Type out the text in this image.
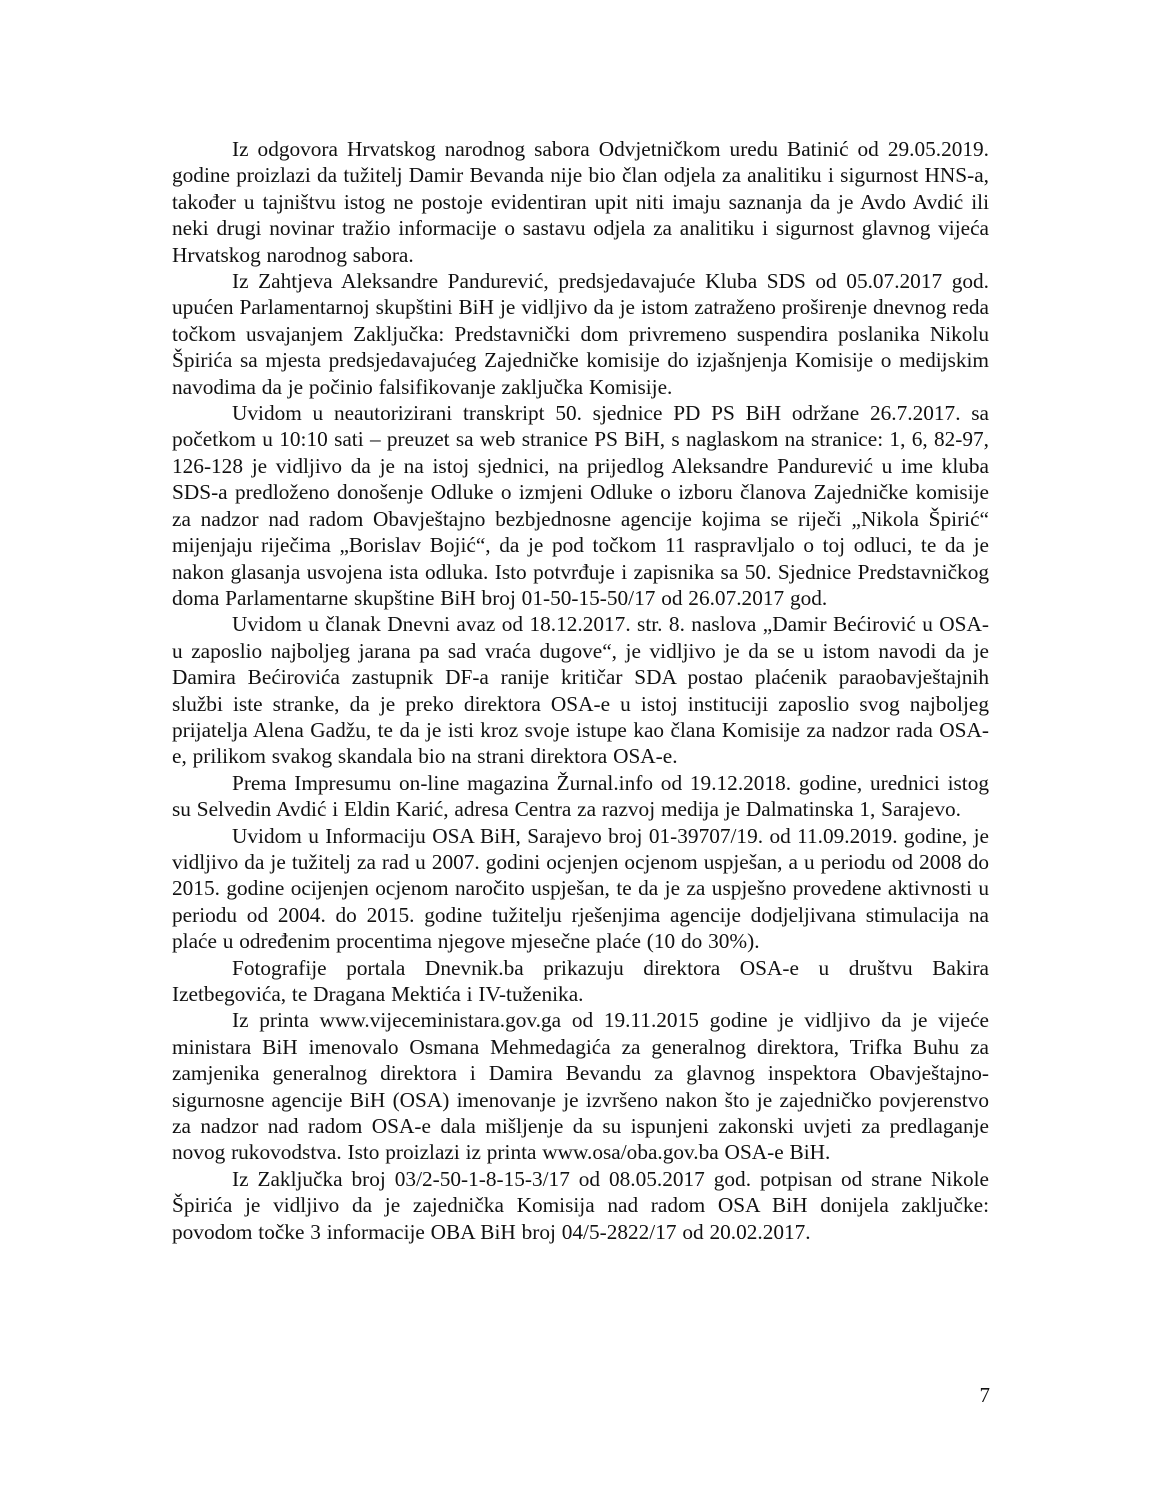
Iz odgovora Hrvatskog narodnog sabora Odvjetničkom uredu Batinić od 29.05.2019. godine proizlazi da tužitelj Damir Bevanda nije bio član odjela za analitiku i sigurnost HNS-a, također u tajništvu istog ne postoje evidentiran upit niti imaju saznanja da je Avdo Avdić ili neki drugi novinar tražio informacije o sastavu odjela za analitiku i sigurnost glavnog vijeća Hrvatskog narodnog sabora.

Iz Zahtjeva Aleksandre Pandurević, predsjedavajuće Kluba SDS od 05.07.2017 god. upućen Parlamentarnoj skupštini BiH je vidljivo da je istom zatraženo proširenje dnevnog reda točkom usvajanjem Zaključka: Predstavnički dom privremeno suspendira poslanika Nikolu Špirića sa mjesta predsjedavajućeg Zajedničke komisije do izjašnjenja Komisije o medijskim navodima da je počinio falsifikovanje zaključka Komisije.

Uvidom u neautorizirani transkript 50. sjednice PD PS BiH održane 26.7.2017. sa početkom u 10:10 sati – preuzet sa web stranice PS BiH, s naglaskom na stranice: 1, 6, 82-97, 126-128 je vidljivo da je na istoj sjednici, na prijedlog Aleksandre Pandurević u ime kluba SDS-a predloženo donošenje Odluke o izmjeni Odluke o izboru članova Zajedničke komisije za nadzor nad radom Obavještajno bezbjednosne agencije kojima se riječi „Nikola Špirić“ mijenjaju riječima „Borislav Bojić“, da je pod točkom 11 raspravljalo o toj odluci, te da je nakon glasanja usvojena ista odluka. Isto potvrđuje i zapisnika sa 50. Sjednice Predstavničkog doma Parlamentarne skupštine BiH broj 01-50-15-50/17 od 26.07.2017 god.

Uvidom u članak Dnevni avaz od 18.12.2017. str. 8. naslova „Damir Bećirović u OSA-u zaposlio najboljeg jarana pa sad vraća dugove“, je vidljivo je da se u istom navodi da je Damira Bećirovića zastupnik DF-a ranije kritičar SDA postao plaćenik paraobavještajnih službi iste stranke, da je preko direktora OSA-e u istoj instituciji zaposlio svog najboljeg prijatelja Alena Gadžu, te da je isti kroz svoje istupe kao člana Komisije za nadzor rada OSA-e, prilikom svakog skandala bio na strani direktora OSA-e.

Prema Impresumu on-line magazina Žurnal.info od 19.12.2018. godine, urednici istog su Selvedin Avdić i Eldin Karić, adresa Centra za razvoj medija je Dalmatinska 1, Sarajevo.

Uvidom u Informaciju OSA BiH, Sarajevo broj 01-39707/19. od 11.09.2019. godine, je vidljivo da je tužitelj za rad u 2007. godini ocjenjen ocjenom uspješan, a u periodu od 2008 do 2015. godine ocijenjen ocjenom naročito uspješan, te da je za uspješno provedene aktivnosti u periodu od 2004. do 2015. godine tužitelju rješenjima agencije dodjeljivana stimulacija na plaće u određenim procentima njegove mjesečne plaće (10 do 30%).

Fotografije portala Dnevnik.ba prikazuju direktora OSA-e u društvu Bakira Izetbegovića, te Dragana Mektića i IV-tuženika.

Iz printa www.vijeceministara.gov.ga od 19.11.2015 godine je vidljivo da je vijeće ministara BiH imenovalo Osmana Mehmedagića za generalnog direktora, Trifka Buhu za zamjenika generalnog direktora i Damira Bevandu za glavnog inspektora Obavještajno-sigurnosne agencije BiH (OSA) imenovanje je izvršeno nakon što je zajedničko povjerenstvo za nadzor nad radom OSA-e dala mišljenje da su ispunjeni zakonski uvjeti za predlaganje novog rukovodstva. Isto proizlazi iz printa www.osa/oba.gov.ba OSA-e BiH.

Iz Zaključka broj 03/2-50-1-8-15-3/17 od 08.05.2017 god. potpisan od strane Nikole Špirića je vidljivo da je zajednička Komisija nad radom OSA BiH donijela zaključke: povodom točke 3 informacije OBA BiH broj 04/5-2822/17 od 20.02.2017.

7
